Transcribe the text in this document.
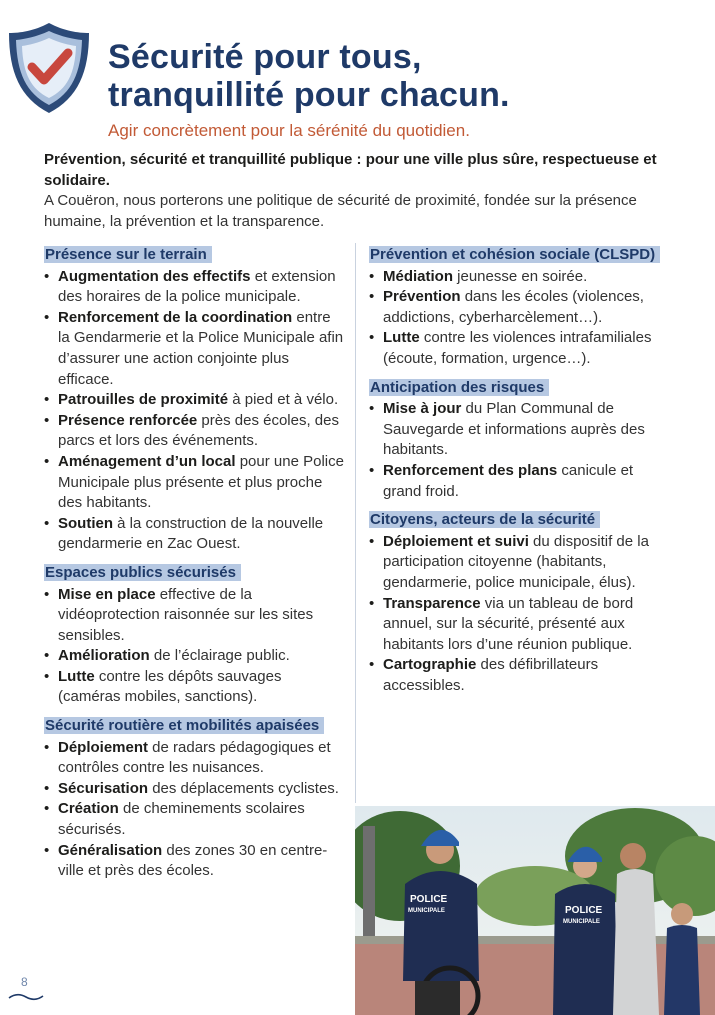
Sécurité pour tous,
tranquillité pour chacun.

Agir concrètement pour la sérénité du quotidien.

Prévention, sécurité et tranquillité publique : pour une ville plus sûre, respectueuse et solidaire.
A Couëron, nous porterons une politique de sécurité de proximité, fondée sur la présence humaine, la prévention et la transparence.
Présence sur le terrain
• Augmentation des effectifs et extension des horaires de la police municipale.
• Renforcement de la coordination entre la Gendarmerie et la Police Municipale afin d’assurer une action conjointe plus efficace.
• Patrouilles de proximité à pied et à vélo.
• Présence renforcée près des écoles, des parcs et lors des événements.
• Aménagement d’un local pour une Police Municipale plus présente et plus proche des habitants.
• Soutien à la construction de la nouvelle gendarmerie en Zac Ouest.
Espaces publics sécurisés
• Mise en place effective de la vidéoprotection raisonnée sur les sites sensibles.
• Amélioration de l’éclairage public.
• Lutte contre les dépôts sauvages (caméras mobiles, sanctions).
Sécurité routière et mobilités apaisées
• Déploiement de radars pédagogiques et contrôles contre les nuisances.
• Sécurisation des déplacements cyclistes.
• Création de cheminements scolaires sécurisés.
• Généralisation des zones 30 en centre-ville et près des écoles.
Prévention et cohésion sociale (CLSPD)
• Médiation jeunesse en soirée.
• Prévention dans les écoles (violences, addictions, cyberharcèlement…).
• Lutte contre les violences intrafamiliales (écoute, formation, urgence…).
Anticipation des risques
• Mise à jour du Plan Communal de Sauvegarde et informations auprès des habitants.
• Renforcement des plans canicule et grand froid.
Citoyens, acteurs de la sécurité
• Déploiement et suivi du dispositif de la participation citoyenne (habitants, gendarmerie, police municipale, élus).
• Transparence via un tableau de bord annuel, sur la sécurité, présenté aux habitants lors d’une réunion publique.
• Cartographie des défibrillateurs accessibles.
POLICE
MUNICIPALE	POLICE
MUNICIPALE
8
